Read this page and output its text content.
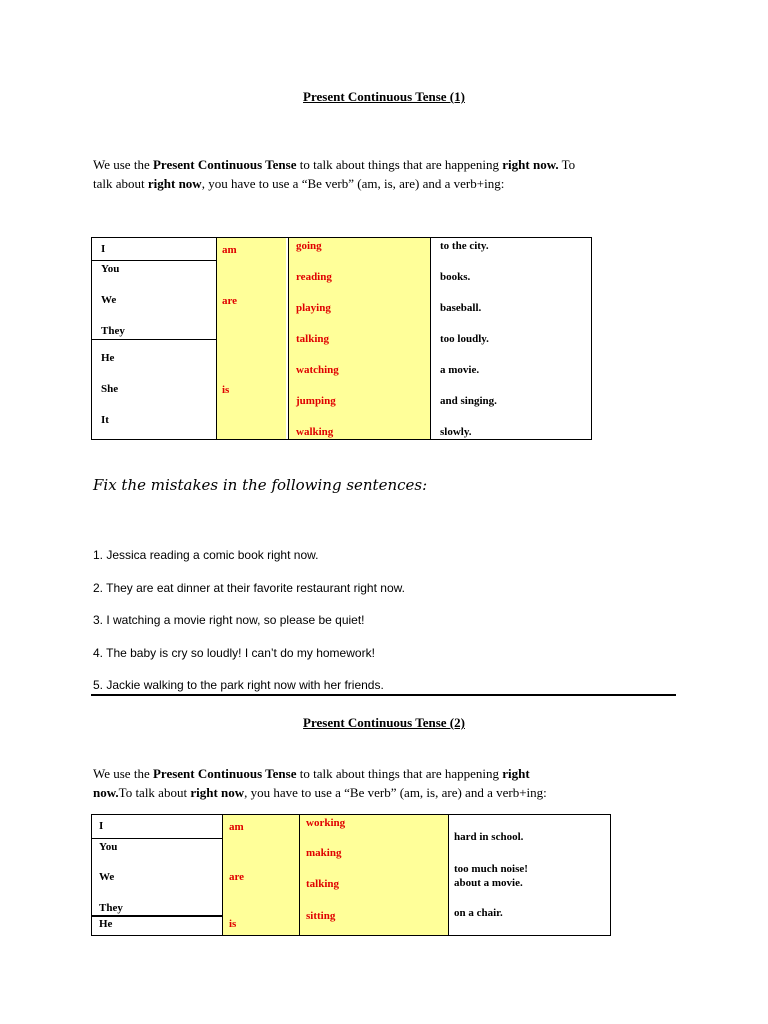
Present Continuous Tense (1)
We use the Present Continuous Tense to talk about things that are happening right now. To
talk about right now, you have to use a “Be verb” (am, is, are) and a verb+ing:
I
You
We
They
He
She
It
am
are
is
going
reading
playing
talking
watching
jumping
walking
to the city.
books.
baseball.
too loudly.
a movie.
and singing.
slowly.
Fix the mistakes in the following sentences:
1. Jessica reading a comic book right now.
2. They are eat dinner at their favorite restaurant right now.
3. I watching a movie right now, so please be quiet!
4. The baby is cry so loudly! I can’t do my homework!
5. Jackie walking to the park right now with her friends.
Present Continuous Tense (2)
We use the Present Continuous Tense to talk about things that are happening right
now.To talk about right now, you have to use a “Be verb” (am, is, are) and a verb+ing:
I
You
We
They
He
am
are
is
working
making
talking
sitting
hard in school.
too much noise!
about a movie.
on a chair.
